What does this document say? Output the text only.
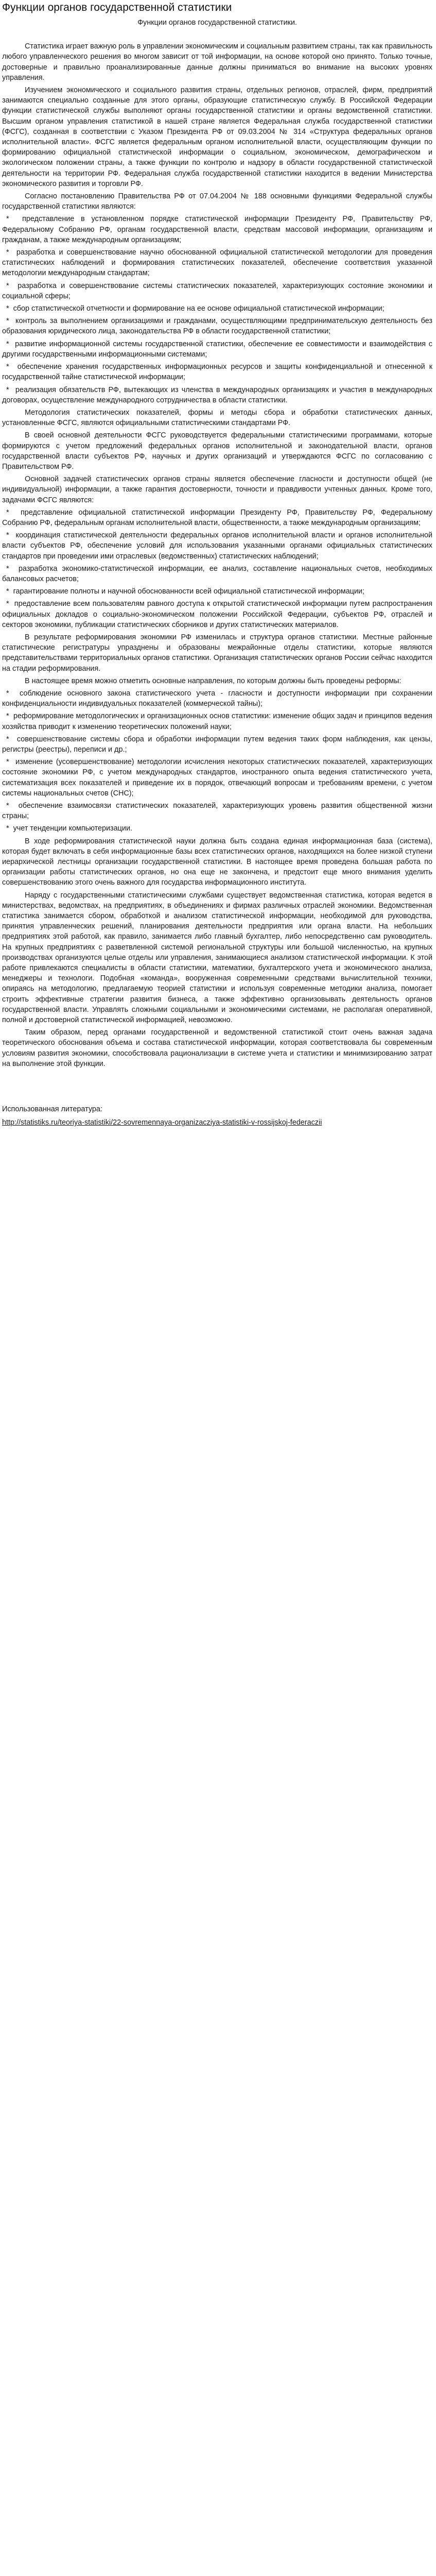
Функции органов государственной статистики
Функции органов государственной статистики.

Статистика играет важную роль в управлении экономическим и социальным развитием страны, так как правильность любого управленческого решения во многом зависит от той информации, на основе которой оно принято. Только точные, достоверные и правильно проанализированные данные должны приниматься во внимание на высоких уровнях управления.

Изучением экономического и социального развития страны, отдельных регионов, отраслей, фирм, предприятий занимаются специально созданные для этого органы, образующие статистическую службу. В Российской Федерации функции статистической службы выполняют органы государственной статистики и органы ведомственной статистики. Высшим органом управления статистикой в нашей стране является Федеральная служба государственной статистики (ФСГС), созданная в соответствии с Указом Президента РФ от 09.03.2004 № 314 «Структура федеральных органов исполнительной власти». ФСГС является федеральным органом исполнительной власти, осуществляющим функции по формированию официальной статистической информации о социальном, экономическом, демографическом и экологическом положении страны, а также функции по контролю и надзору в области государственной статистической деятельности на территории РФ. Федеральная служба государственной статистики находится в ведении Министерства экономического развития и торговли РФ.

Согласно постановлению Правительства РФ от 07.04.2004 № 188 основными функциями Федеральной службы государственной статистики являются:

*  представление в установленном порядке статистической информации Президенту РФ, Правительству РФ, Федеральному Собранию РФ, органам государственной власти, средствам массовой информации, организациям и гражданам, а также международным организациям;

*  разработка и совершенствование научно обоснованной официальной статистической методологии для проведения статистических наблюдений и формирования статистических показателей, обеспечение соответствия указанной методологии международным стандартам;

*  разработка и совершенствование системы статистических показателей, характеризующих состояние экономики и социальной сферы;

*  сбор статистической отчетности и формирование на ее основе официальной статистической информации;

*  контроль за выполнением организациями и гражданами, осуществляющими предпринимательскую деятельность без образования юридического лица, законодательства РФ в области государственной статистики;

*  развитие информационной системы государственной статистики, обеспечение ее совместимости и взаимодействия с другими государственными информационными системами;

*  обеспечение хранения государственных информационных ресурсов и защиты конфиденциальной и отнесенной к государственной тайне статистической информации;

*  реализация обязательств РФ, вытекающих из членства в международных организациях и участия в международных договорах, осуществление международного сотрудничества в области статистики.

Методология статистических показателей, формы и методы сбора и обработки статистических данных, установленные ФСГС, являются официальными статистическими стандартами РФ.

В своей основной деятельности ФСГС руководствуется федеральными статистическими программами, которые формируются с учетом предложений федеральных органов исполнительной и законодательной власти, органов государственной власти субъектов РФ, научных и других организаций и утверждаются ФСГС по согласованию с Правительством РФ.

Основной задачей статистических органов страны является обеспечение гласности и доступности общей (не индивидуальной) информации, а также гарантия достоверности, точности и правдивости учтенных данных. Кроме того, задачами ФСГС являются:

*  представление официальной статистической информации Президенту РФ, Правительству РФ, Федеральному Собранию РФ, федеральным органам исполнительной власти, общественности, а также международным организациям;

*  координация статистической деятельности федеральных органов исполнительной власти и органов исполнительной власти субъектов РФ, обеспечение условий для использования указанными органами официальных статистических стандартов при проведении ими отраслевых (ведомственных) статистических наблюдений;

*  разработка экономико-статистической информации, ее анализ, составление национальных счетов, необходимых балансовых расчетов;

*  гарантирование полноты и научной обоснованности всей официальной статистической информации;

*  предоставление всем пользователям равного доступа к открытой статистической информации путем распространения официальных докладов о социально-экономическом положении Российской Федерации, субъектов РФ, отраслей и секторов экономики, публикации статистических сборников и других статистических материалов.

В результате реформирования экономики РФ изменилась и структура органов статистики. Местные районные статистические регистратуры упразднены и образованы межрайонные отделы статистики, которые являются представительствами территориальных органов статистики. Организация статистических органов России сейчас находится на стадии реформирования.

В настоящее время можно отметить основные направления, по которым должны быть проведены реформы:

*  соблюдение основного закона статистического учета - гласности и доступности информации при сохранении конфиденциальности индивидуальных показателей (коммерческой тайны);

*  реформирование методологических и организационных основ статистики: изменение общих задач и принципов ведения хозяйства приводит к изменению теоретических положений науки;

*  совершенствование системы сбора и обработки информации путем ведения таких форм наблюдения, как цензы, регистры (реестры), переписи и др.;

*  изменение (усовершенствование) методологии исчисления некоторых статистических показателей, характеризующих состояние экономики РФ, с учетом международных стандартов, иностранного опыта ведения статистического учета, систематизация всех показателей и приведение их в порядок, отвечающий вопросам и требованиям времени, с учетом системы национальных счетов (СНС);

*  обеспечение взаимосвязи статистических показателей, характеризующих уровень развития общественной жизни страны;

*  учет тенденции компьютеризации.

В ходе реформирования статистической науки должна быть создана единая информационная база (система), которая будет включать в себя информационные базы всех статистических органов, находящихся на более низкой ступени иерархической лестницы организации государственной статистики. В настоящее время проведена большая работа по организации работы статистических органов, но она еще не закончена, и предстоит еще много внимания уделить совершенствованию этого очень важного для государства информационного института.

Наряду с государственными статистическими службами существует ведомственная статистика, которая ведется в министерствах, ведомствах, на предприятиях, в объединениях и фирмах различных отраслей экономики. Ведомственная статистика занимается сбором, обработкой и анализом статистической информации, необходимой для руководства, принятия управленческих решений, планирования деятельности предприятия или органа власти. На небольших предприятиях этой работой, как правило, занимается либо главный бухгалтер, либо непосредственно сам руководитель. На крупных предприятиях с разветвленной системой региональной структуры или большой численностью, на крупных производствах организуются целые отделы или управления, занимающиеся анализом статистической информации. К этой работе привлекаются специалисты в области статистики, математики, бухгалтерского учета и экономического анализа, менеджеры и технологи. Подобная «команда», вооруженная современными средствами вычислительной техники, опираясь на методологию, предлагаемую теорией статистики и используя современные методики анализа, помогает строить эффективные стратегии развития бизнеса, а также эффективно организовывать деятельность органов государственной власти. Управлять сложными социальными и экономическими системами, не располагая оперативной, полной и достоверной статистической информацией, невозможно.

Таким образом, перед органами государственной и ведомственной статистикой стоит очень важная задача теоретического обоснования объема и состава статистической информации, которая соответствовала бы современным условиям развития экономики, способствовала рационализации в системе учета и статистики и минимизированию затрат на выполнение этой функции.

Использованная литература:

http://statistiks.ru/teoriya-statistiki/22-sovremennaya-organizacziya-statistiki-v-rossijskoj-federaczii
